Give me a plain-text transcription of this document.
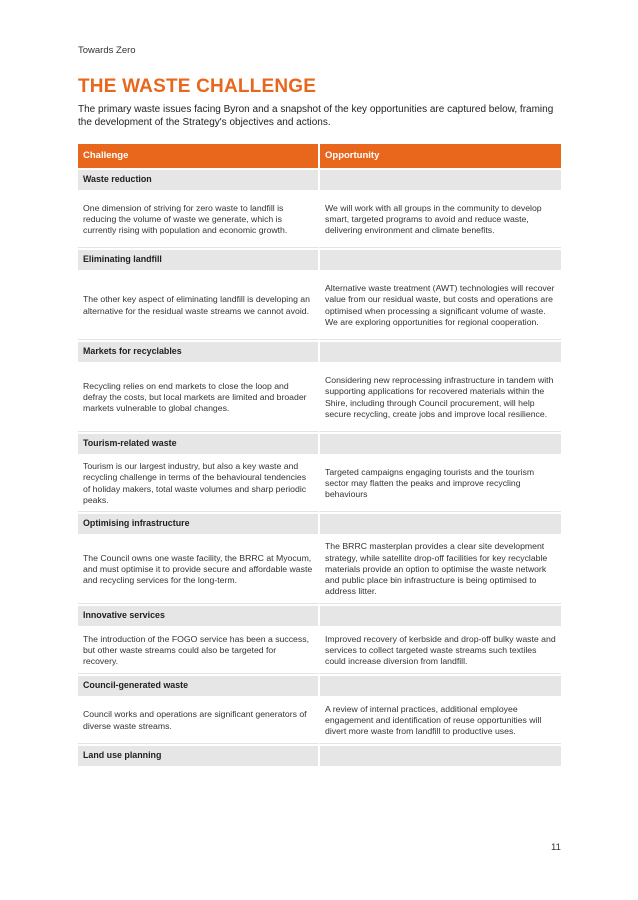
Towards Zero
THE WASTE CHALLENGE

The primary waste issues facing Byron and a snapshot of the key opportunities are captured below, framing the development of the Strategy's objectives and actions.

Challenge	Opportunity
Waste reduction	
One dimension of striving for zero waste to landfill is reducing the volume of waste we generate, which is currently rising with population and economic growth.	We will work with all groups in the community to develop smart, targeted programs to avoid and reduce waste, delivering environment and climate benefits.
Eliminating landfill	
The other key aspect of eliminating landfill is developing an alternative for the residual waste streams we cannot avoid.	Alternative waste treatment (AWT) technologies will recover value from our residual waste, but costs and operations are optimised when processing a significant volume of waste. We are exploring opportunities for regional cooperation.
Markets for recyclables	
Recycling relies on end markets to close the loop and defray the costs, but local markets are limited and broader markets vulnerable to global changes.	Considering new reprocessing infrastructure in tandem with supporting applications for recovered materials within the Shire, including through Council procurement, will help secure recycling, create jobs and improve local resilience.
Tourism-related waste	
Tourism is our largest industry, but also a key waste and recycling challenge in terms of the behavioural tendencies of holiday makers, total waste volumes and sharp periodic peaks.	Targeted campaigns engaging tourists and the tourism sector may flatten the peaks and improve recycling behaviours
Optimising infrastructure	
The Council owns one waste facility, the BRRC at Myocum, and must optimise it to provide secure and affordable waste and recycling services for the long-term.	The BRRC masterplan provides a clear site development strategy, while satellite drop-off facilities for key recyclable materials provide an option to optimise the waste network and public place bin infrastructure is being optimised to address litter.
Innovative services	
The introduction of the FOGO service has been a success, but other waste streams could also be targeted for recovery.	Improved recovery of kerbside and drop-off bulky waste and services to collect targeted waste streams such textiles could increase diversion from landfill.
Council-generated waste	
Council works and operations are significant generators of diverse waste streams.	A review of internal practices, additional employee engagement and identification of reuse opportunities will divert more waste from landfill to productive uses.
Land use planning	
11
